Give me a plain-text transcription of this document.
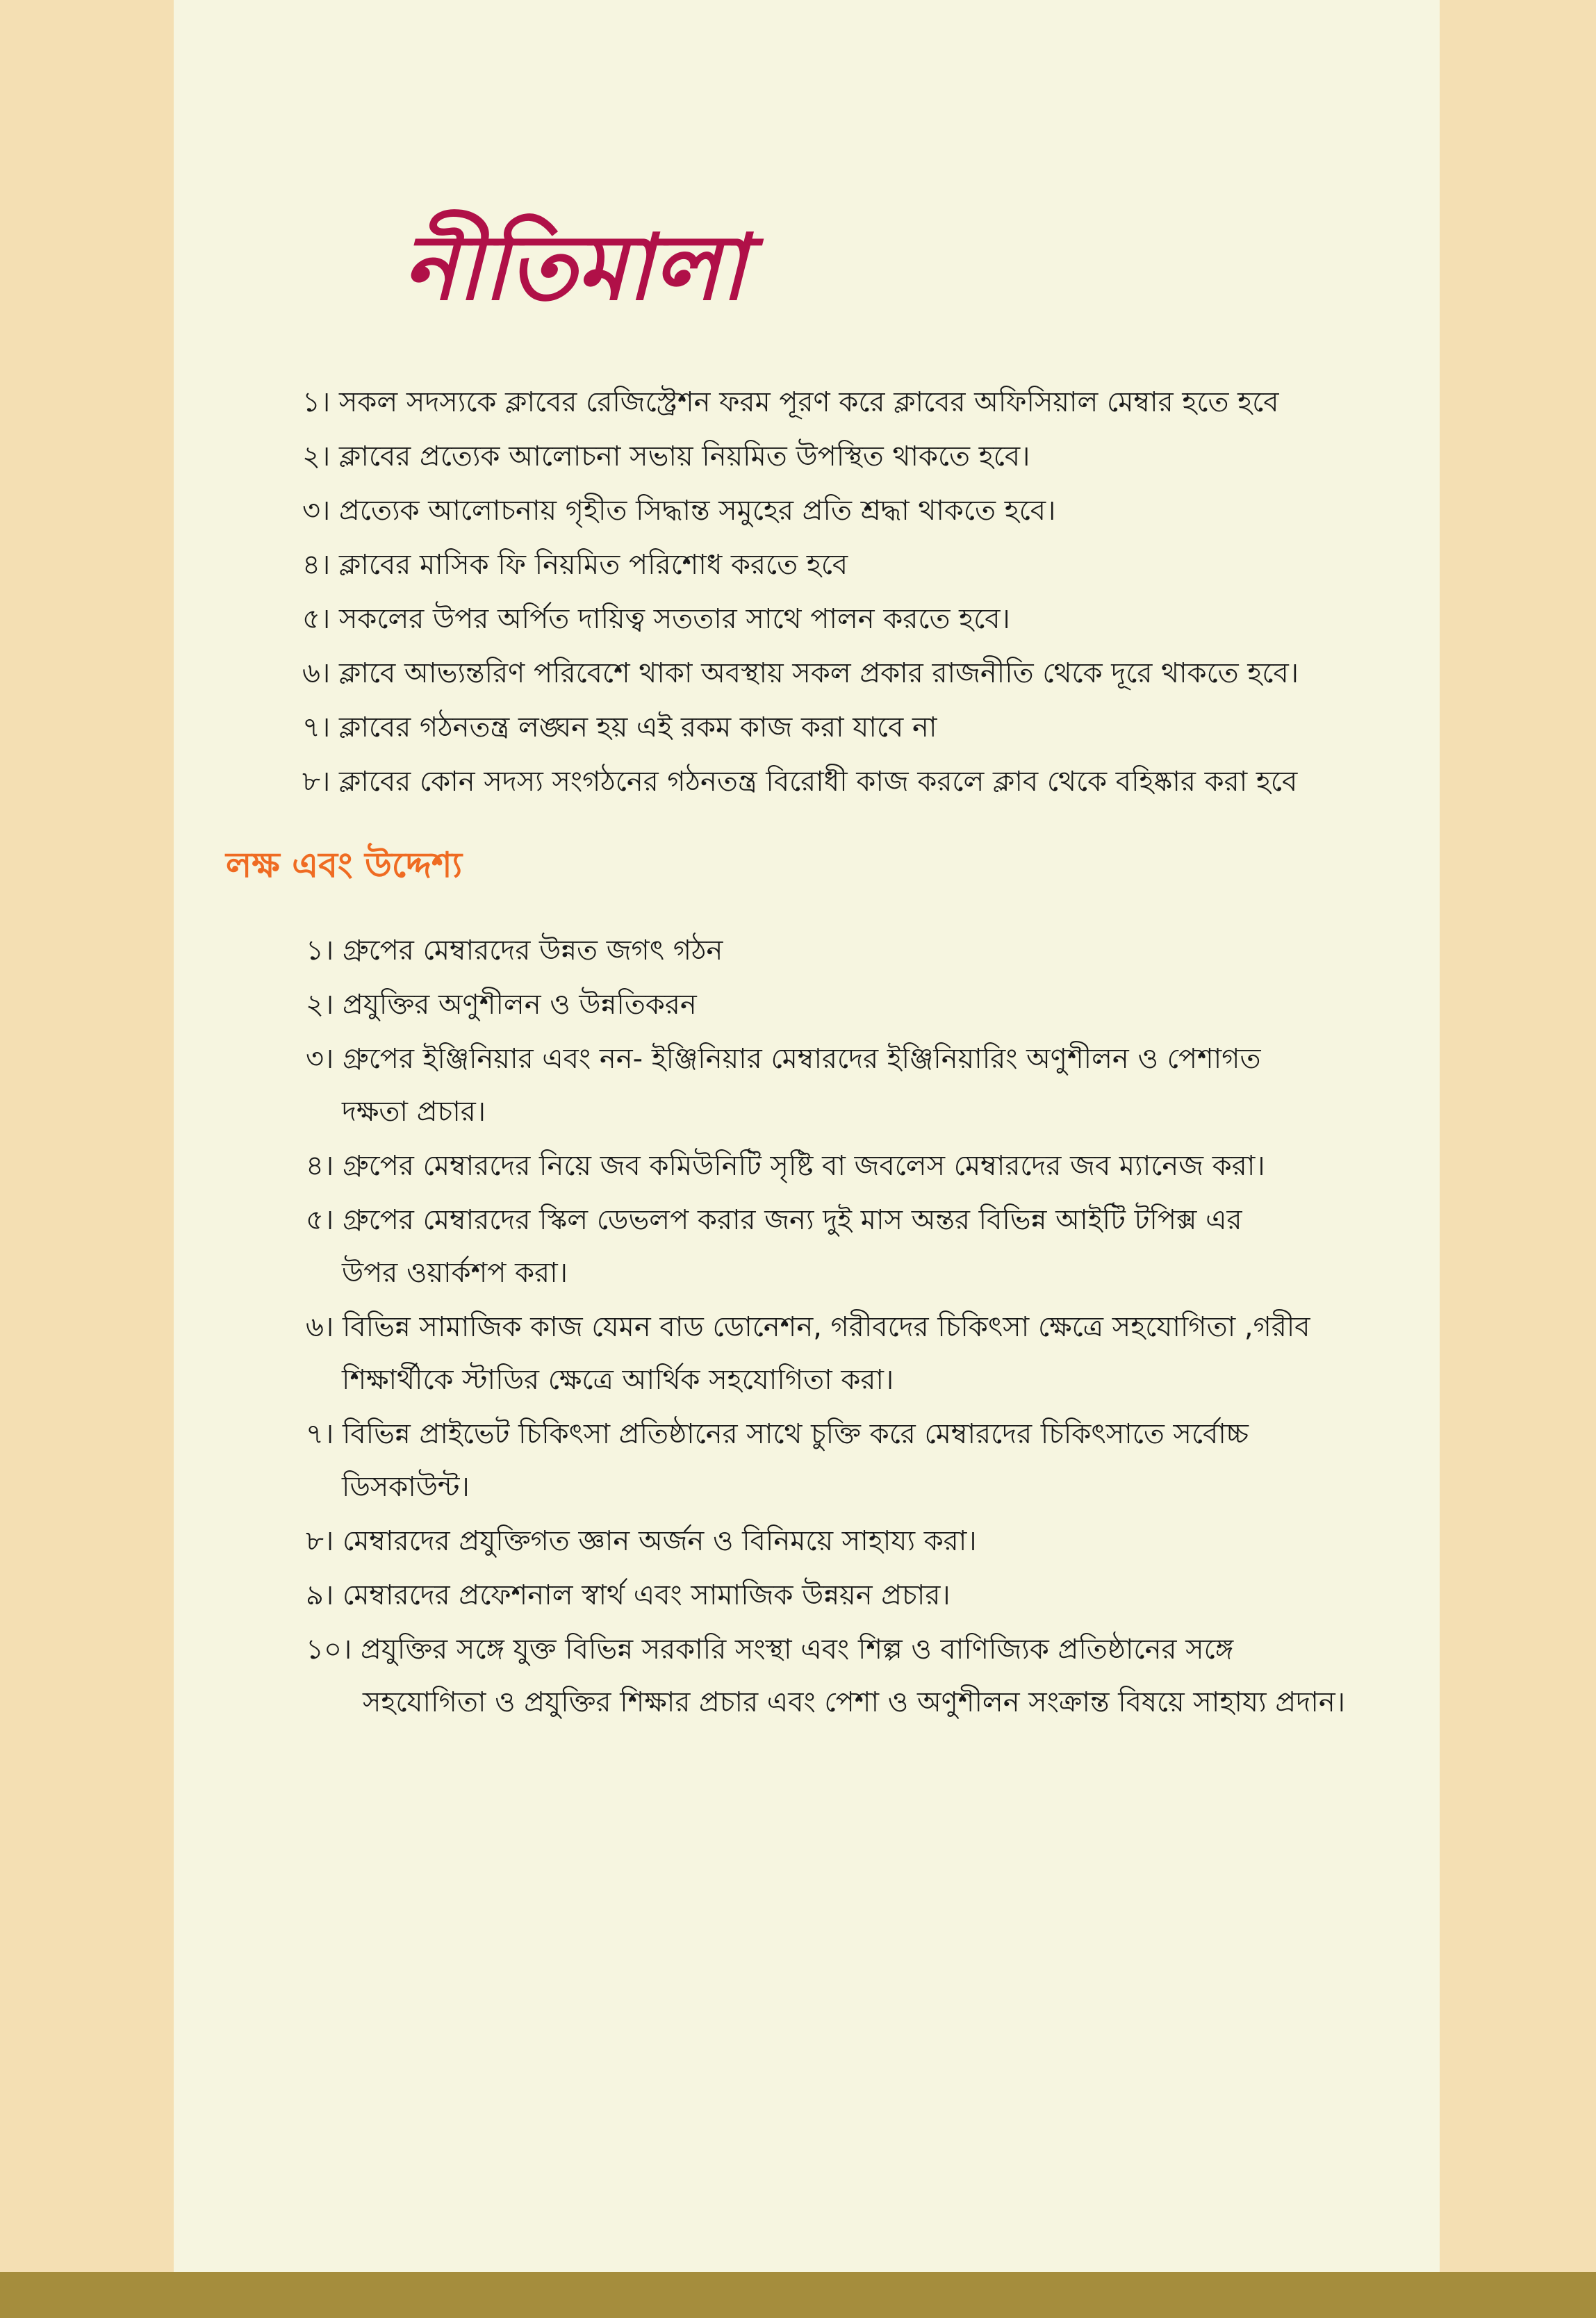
নীতিমালা
১। সকল সদস্যকে ক্লাবের রেজিস্ট্রেশন ফরম পূরণ করে ক্লাবের অফিসিয়াল মেম্বার হতে হবে
২। ক্লাবের প্রত্যেক আলোচনা সভায় নিয়মিত উপস্থিত থাকতে হবে।
৩। প্রত্যেক আলোচনায় গৃহীত সিদ্ধান্ত সমুহের প্রতি শ্রদ্ধা থাকতে হবে।
৪। ক্লাবের মাসিক ফি নিয়মিত পরিশোধ করতে হবে
৫। সকলের উপর অর্পিত দায়িত্ব সততার সাথে পালন করতে হবে।
৬। ক্লাবে আভ্যন্তরিণ পরিবেশে থাকা অবস্থায় সকল প্রকার রাজনীতি থেকে দূরে থাকতে হবে।
৭। ক্লাবের গঠনতন্ত্র লঙ্ঘন হয় এই রকম কাজ করা যাবে না
৮। ক্লাবের কোন সদস্য সংগঠনের গঠনতন্ত্র বিরোধী কাজ করলে ক্লাব থেকে বহিষ্কার করা হবে
লক্ষ এবং উদ্দেশ্য
১। গ্রুপের মেম্বারদের উন্নত জগৎ গঠন
২। প্রযুক্তির অণুশীলন ও উন্নতিকরন
৩। গ্রুপের ইঞ্জিনিয়ার এবং নন- ইঞ্জিনিয়ার মেম্বারদের ইঞ্জিনিয়ারিং অণুশীলন ও পেশাগত
দক্ষতা প্রচার।
৪। গ্রুপের মেম্বারদের নিয়ে জব কমিউনিটি সৃষ্টি বা জবলেস মেম্বারদের জব ম্যানেজ করা।
৫। গ্রুপের মেম্বারদের স্কিল ডেভলপ করার জন্য দুই মাস অন্তর বিভিন্ন আইটি টপিক্স এর
উপর ওয়ার্কশপ করা।
৬। বিভিন্ন সামাজিক কাজ যেমন বাড ডোনেশন, গরীবদের চিকিৎসা ক্ষেত্রে সহযোগিতা ,গরীব
শিক্ষার্থীকে স্টাডির ক্ষেত্রে আর্থিক সহযোগিতা করা।
৭। বিভিন্ন প্রাইভেট চিকিৎসা প্রতিষ্ঠানের সাথে চুক্তি করে মেম্বারদের চিকিৎসাতে সর্বোচ্চ
ডিসকাউন্ট।
৮। মেম্বারদের প্রযুক্তিগত জ্ঞান অর্জন ও বিনিময়ে সাহায্য করা।
৯। মেম্বারদের প্রফেশনাল স্বার্থ এবং সামাজিক উন্নয়ন প্রচার।
১০। প্রযুক্তির সঙ্গে যুক্ত বিভিন্ন সরকারি সংস্থা এবং শিল্প ও বাণিজ্যিক প্রতিষ্ঠানের সঙ্গে
সহযোগিতা ও প্রযুক্তির শিক্ষার প্রচার এবং পেশা ও অণুশীলন সংক্রান্ত বিষয়ে সাহায্য প্রদান।
